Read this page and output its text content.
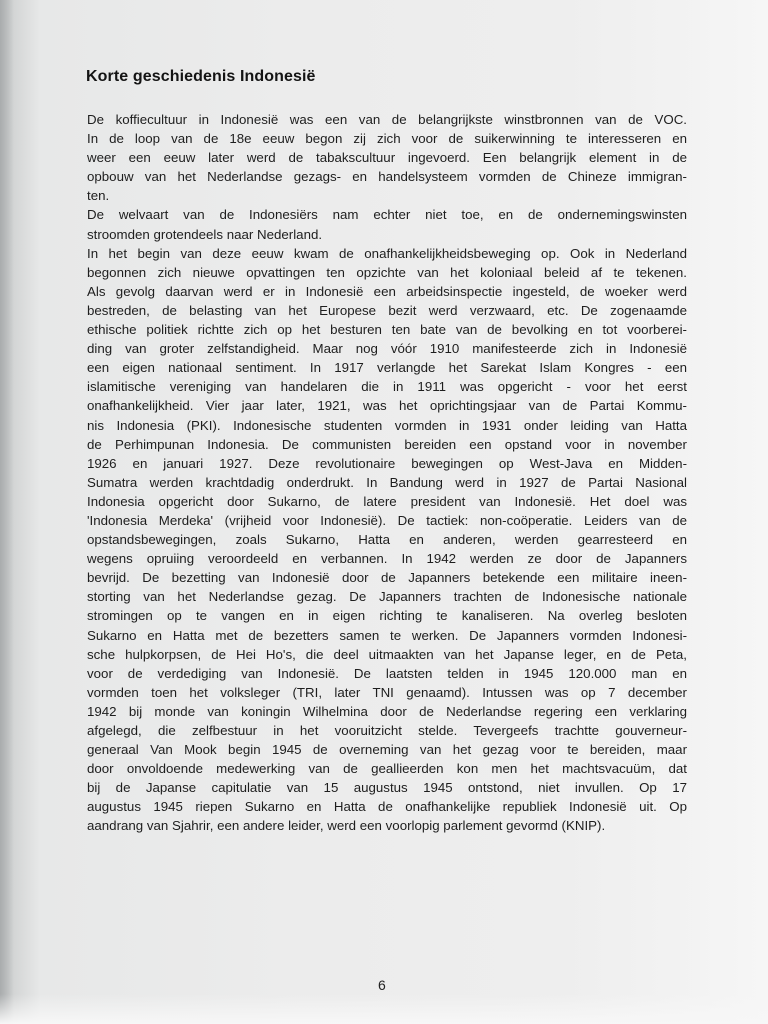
Korte geschiedenis Indonesië
De koffiecultuur in Indonesië was een van de belangrijkste winstbronnen van de VOC.
In de loop van de 18e eeuw begon zij zich voor de suikerwinning te interesseren en
weer een eeuw later werd de tabakscultuur ingevoerd. Een belangrijk element in de
opbouw van het Nederlandse gezags- en handelsysteem vormden de Chineze immigran-
ten.
De welvaart van de Indonesiërs nam echter niet toe, en de ondernemingswinsten
stroomden grotendeels naar Nederland.
In het begin van deze eeuw kwam de onafhankelijkheidsbeweging op. Ook in Nederland
begonnen zich nieuwe opvattingen ten opzichte van het koloniaal beleid af te tekenen.
Als gevolg daarvan werd er in Indonesië een arbeidsinspectie ingesteld, de woeker werd
bestreden, de belasting van het Europese bezit werd verzwaard, etc. De zogenaamde
ethische politiek richtte zich op het besturen ten bate van de bevolking en tot voorberei-
ding van groter zelfstandigheid. Maar nog vóór 1910 manifesteerde zich in Indonesië
een eigen nationaal sentiment. In 1917 verlangde het Sarekat Islam Kongres - een
islamitische vereniging van handelaren die in 1911 was opgericht - voor het eerst
onafhankelijkheid. Vier jaar later, 1921, was het oprichtingsjaar van de Partai Kommu-
nis Indonesia (PKI). Indonesische studenten vormden in 1931 onder leiding van Hatta
de Perhimpunan Indonesia. De communisten bereiden een opstand voor in november
1926 en januari 1927. Deze revolutionaire bewegingen op West-Java en Midden-
Sumatra werden krachtdadig onderdrukt. In Bandung werd in 1927 de Partai Nasional
Indonesia opgericht door Sukarno, de latere president van Indonesië. Het doel was
'Indonesia Merdeka' (vrijheid voor Indonesië). De tactiek: non-coöperatie. Leiders van de
opstandsbewegingen, zoals Sukarno, Hatta en anderen, werden gearresteerd en
wegens opruiing veroordeeld en verbannen. In 1942 werden ze door de Japanners
bevrijd. De bezetting van Indonesië door de Japanners betekende een militaire ineen-
storting van het Nederlandse gezag. De Japanners trachten de Indonesische nationale
stromingen op te vangen en in eigen richting te kanaliseren. Na overleg besloten
Sukarno en Hatta met de bezetters samen te werken. De Japanners vormden Indonesi-
sche hulpkorpsen, de Hei Ho's, die deel uitmaakten van het Japanse leger, en de Peta,
voor de verdediging van Indonesië. De laatsten telden in 1945 120.000 man en
vormden toen het volksleger (TRI, later TNI genaamd). Intussen was op 7 december
1942 bij monde van koningin Wilhelmina door de Nederlandse regering een verklaring
afgelegd, die zelfbestuur in het vooruitzicht stelde. Tevergeefs trachtte gouverneur-
generaal Van Mook begin 1945 de overneming van het gezag voor te bereiden, maar
door onvoldoende medewerking van de geallieerden kon men het machtsvacuüm, dat
bij de Japanse capitulatie van 15 augustus 1945 ontstond, niet invullen. Op 17
augustus 1945 riepen Sukarno en Hatta de onafhankelijke republiek Indonesië uit. Op
aandrang van Sjahrir, een andere leider, werd een voorlopig parlement gevormd (KNIP).
6
